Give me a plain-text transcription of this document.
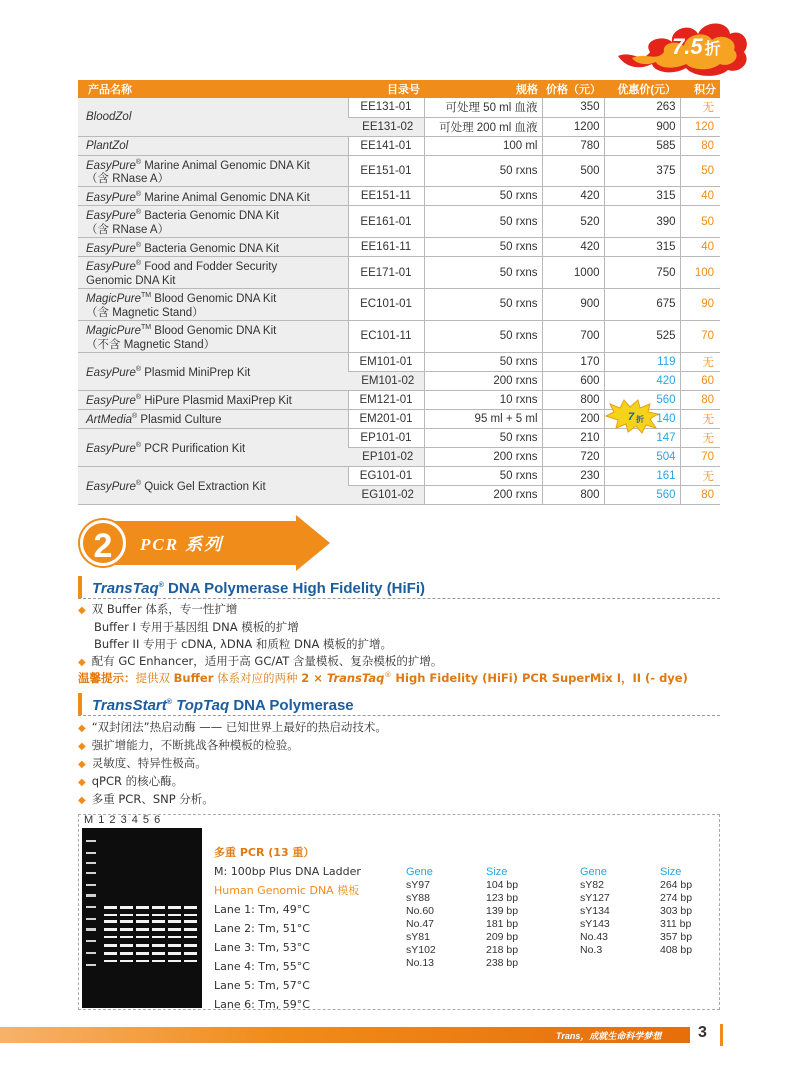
7.5 折
产品名称	目录号	规格	价格（元）	优惠价(元）	积分
BloodZol	EE131-01	可处理 50 ml 血液	350	263	无
	EE131-02	可处理 200 ml 血液	1200	900	120
PlantZol	EE141-01	100 ml	780	585	80
EasyPure® Marine Animal Genomic DNA Kit
（含 RNase A）	EE151-01	50 rxns	500	375	50
EasyPure® Marine Animal Genomic DNA Kit	EE151-11	50 rxns	420	315	40
EasyPure® Bacteria Genomic DNA Kit
（含 RNase A）	EE161-01	50 rxns	520	390	50
EasyPure® Bacteria Genomic DNA Kit	EE161-11	50 rxns	420	315	40
EasyPure® Food and Fodder Security
Genomic DNA Kit	EE171-01	50 rxns	1000	750	100
MagicPure™ Blood Genomic DNA Kit
（含 Magnetic Stand）	EC101-01	50 rxns	900	675	90
MagicPure™ Blood Genomic DNA Kit
（不含 Magnetic Stand）	EC101-11	50 rxns	700	525	70
EasyPure® Plasmid MiniPrep Kit	EM101-01	50 rxns	170	119	无
	EM101-02	200 rxns	600	420	60
EasyPure® HiPure Plasmid MaxiPrep Kit	EM121-01	10 rxns	800	560	80
ArtMedia® Plasmid Culture	EM201-01	95 ml + 5 ml	200	140	无
EasyPure® PCR Purification Kit	EP101-01	50 rxns	210	147	无
	EP101-02	200 rxns	720	504	70
EasyPure® Quick Gel Extraction Kit	EG101-01	50 rxns	230	161	无
	EG101-02	200 rxns	800	560	80
7 折
2	PCR 系列
TransTaq® DNA Polymerase High Fidelity (HiFi)
◆ 双 Buffer 体系，专一性扩增
Buffer I 专用于基因组 DNA 模板的扩增
Buffer II 专用于 cDNA, λDNA 和质粒 DNA 模板的扩增。
◆ 配有 GC Enhancer，适用于高 GC/AT 含量模板、复杂模板的扩增。
温馨提示：提供双 Buffer 体系对应的两种 2 × TransTaq® High Fidelity (HiFi) PCR SuperMix I，II (- dye)
TransStart® TopTaq DNA Polymerase
◆ “双封闭法”热启动酶 —— 已知世界上最好的热启动技术。
◆ 强扩增能力，不断挑战各种模板的检验。
◆ 灵敏度、特异性极高。
◆ qPCR 的核心酶。
◆ 多重 PCR、SNP 分析。
M 1 2 3 4 5 6
多重 PCR (13 重）
M: 100bp Plus DNA Ladder
Human Genomic DNA 模板
Lane 1: Tm, 49°C
Lane 2: Tm, 51°C
Lane 3: Tm, 53°C
Lane 4: Tm, 55°C
Lane 5: Tm, 57°C
Lane 6: Tm, 59°C
Gene	Size
sY97	104 bp
sY88	123 bp
No.60	139 bp
No.47	181 bp
sY81	209 bp
sY102	218 bp
No.13	238 bp
Gene	Size
sY82	264 bp
sY127	274 bp
sY134	303 bp
sY143	311 bp
No.43	357 bp
No.3	408 bp
Trans，成就生命科学梦想 3
